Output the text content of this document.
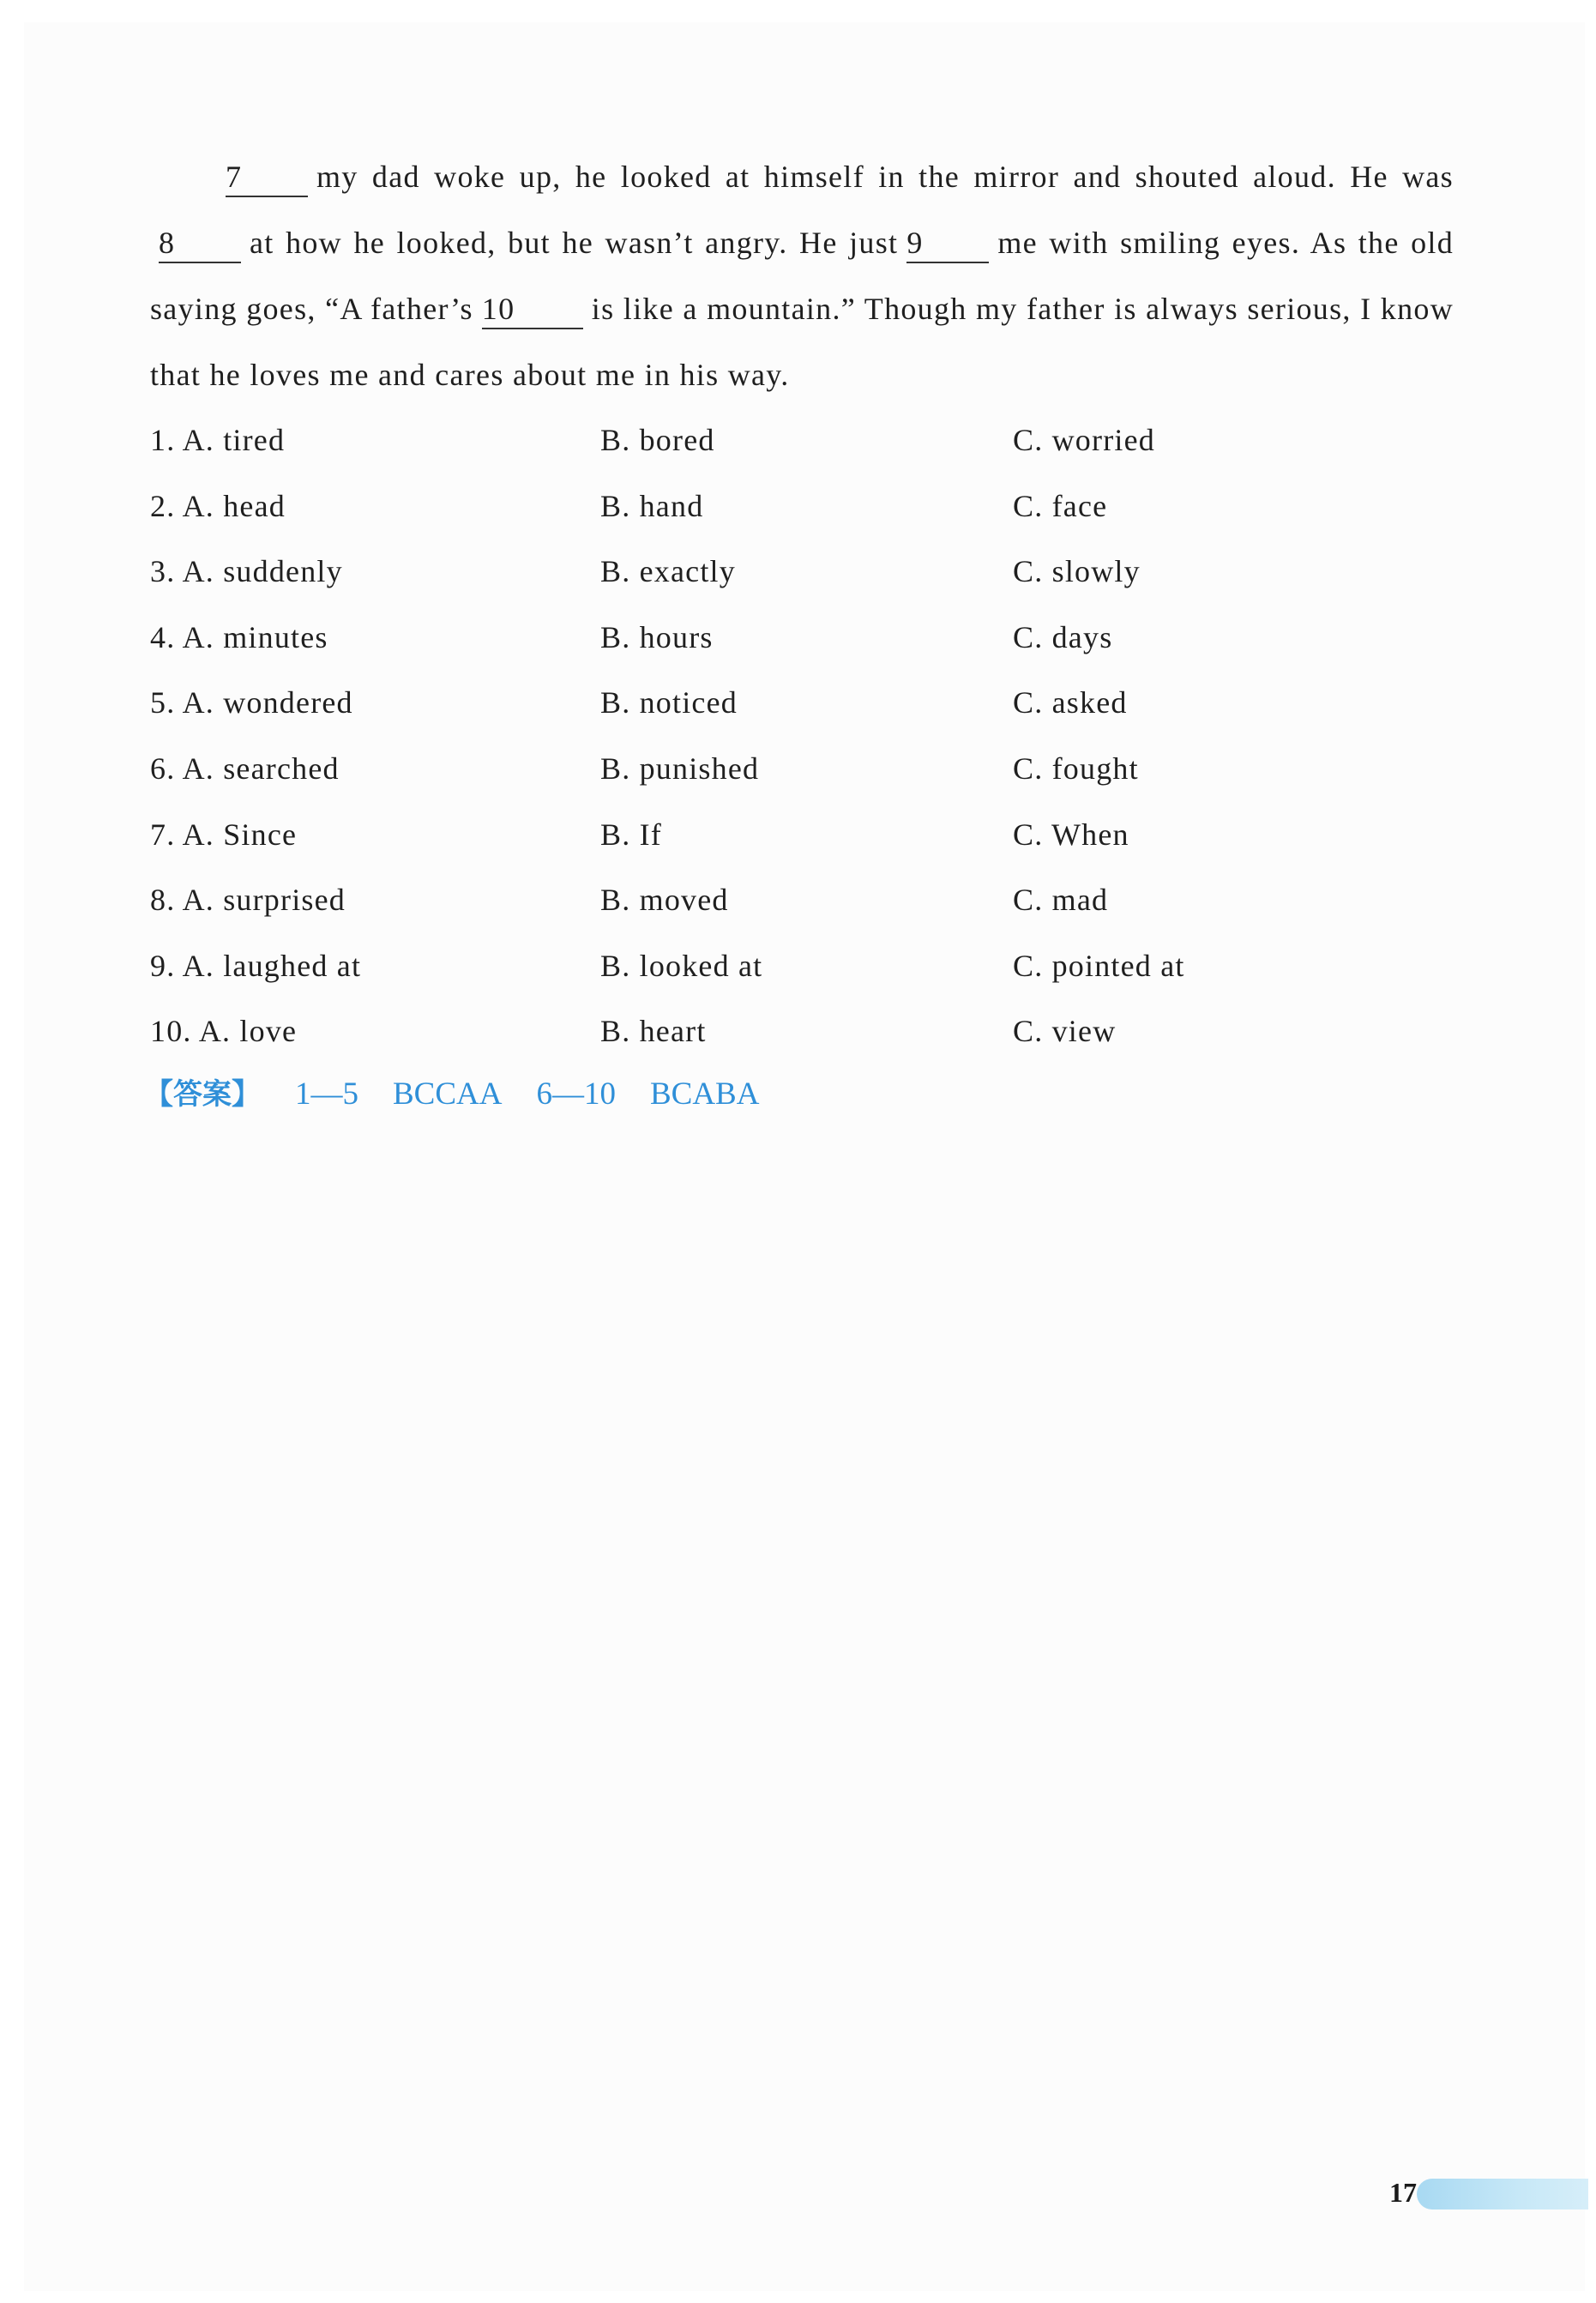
7 my dad woke up, he looked at himself in the mirror and shouted aloud. He was8 at how he looked, but he wasn’t angry. He just 9 me with smiling eyes. As the old saying goes, “A father’s 10 is like a mountain.” Though my father is always serious, I know that he loves me and cares about me in his way.

1. A. tired	B. bored	C. worried
2. A. head	B. hand	C. face
3. A. suddenly	B. exactly	C. slowly
4. A. minutes	B. hours	C. days
5. A. wondered	B. noticed	C. asked
6. A. searched	B. punished	C. fought
7. A. Since	B. If	C. When
8. A. surprised	B. moved	C. mad
9. A. laughed at	B. looked at	C. pointed at
10. A. love	B. heart	C. view
【答案】 1—5 BCCAA 6—10 BCABA
17
